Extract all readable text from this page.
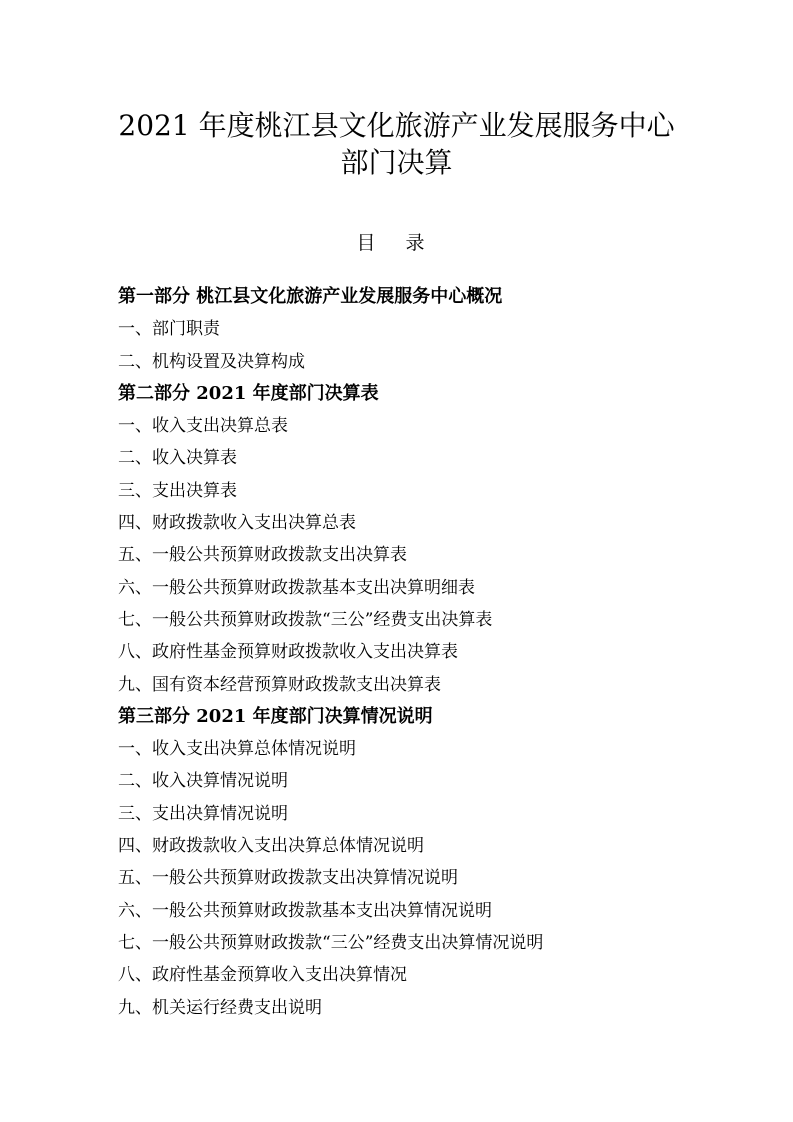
2021 年度桃江县文化旅游产业发展服务中心
部门决算
目 录
第一部分 桃江县文化旅游产业发展服务中心概况
一、部门职责
二、机构设置及决算构成
第二部分 2021 年度部门决算表
一、收入支出决算总表
二、收入决算表
三、支出决算表
四、财政拨款收入支出决算总表
五、一般公共预算财政拨款支出决算表
六、一般公共预算财政拨款基本支出决算明细表
七、一般公共预算财政拨款“三公”经费支出决算表
八、政府性基金预算财政拨款收入支出决算表
九、国有资本经营预算财政拨款支出决算表
第三部分 2021 年度部门决算情况说明
一、收入支出决算总体情况说明
二、收入决算情况说明
三、支出决算情况说明
四、财政拨款收入支出决算总体情况说明
五、一般公共预算财政拨款支出决算情况说明
六、一般公共预算财政拨款基本支出决算情况说明
七、一般公共预算财政拨款“三公”经费支出决算情况说明
八、政府性基金预算收入支出决算情况
九、机关运行经费支出说明
